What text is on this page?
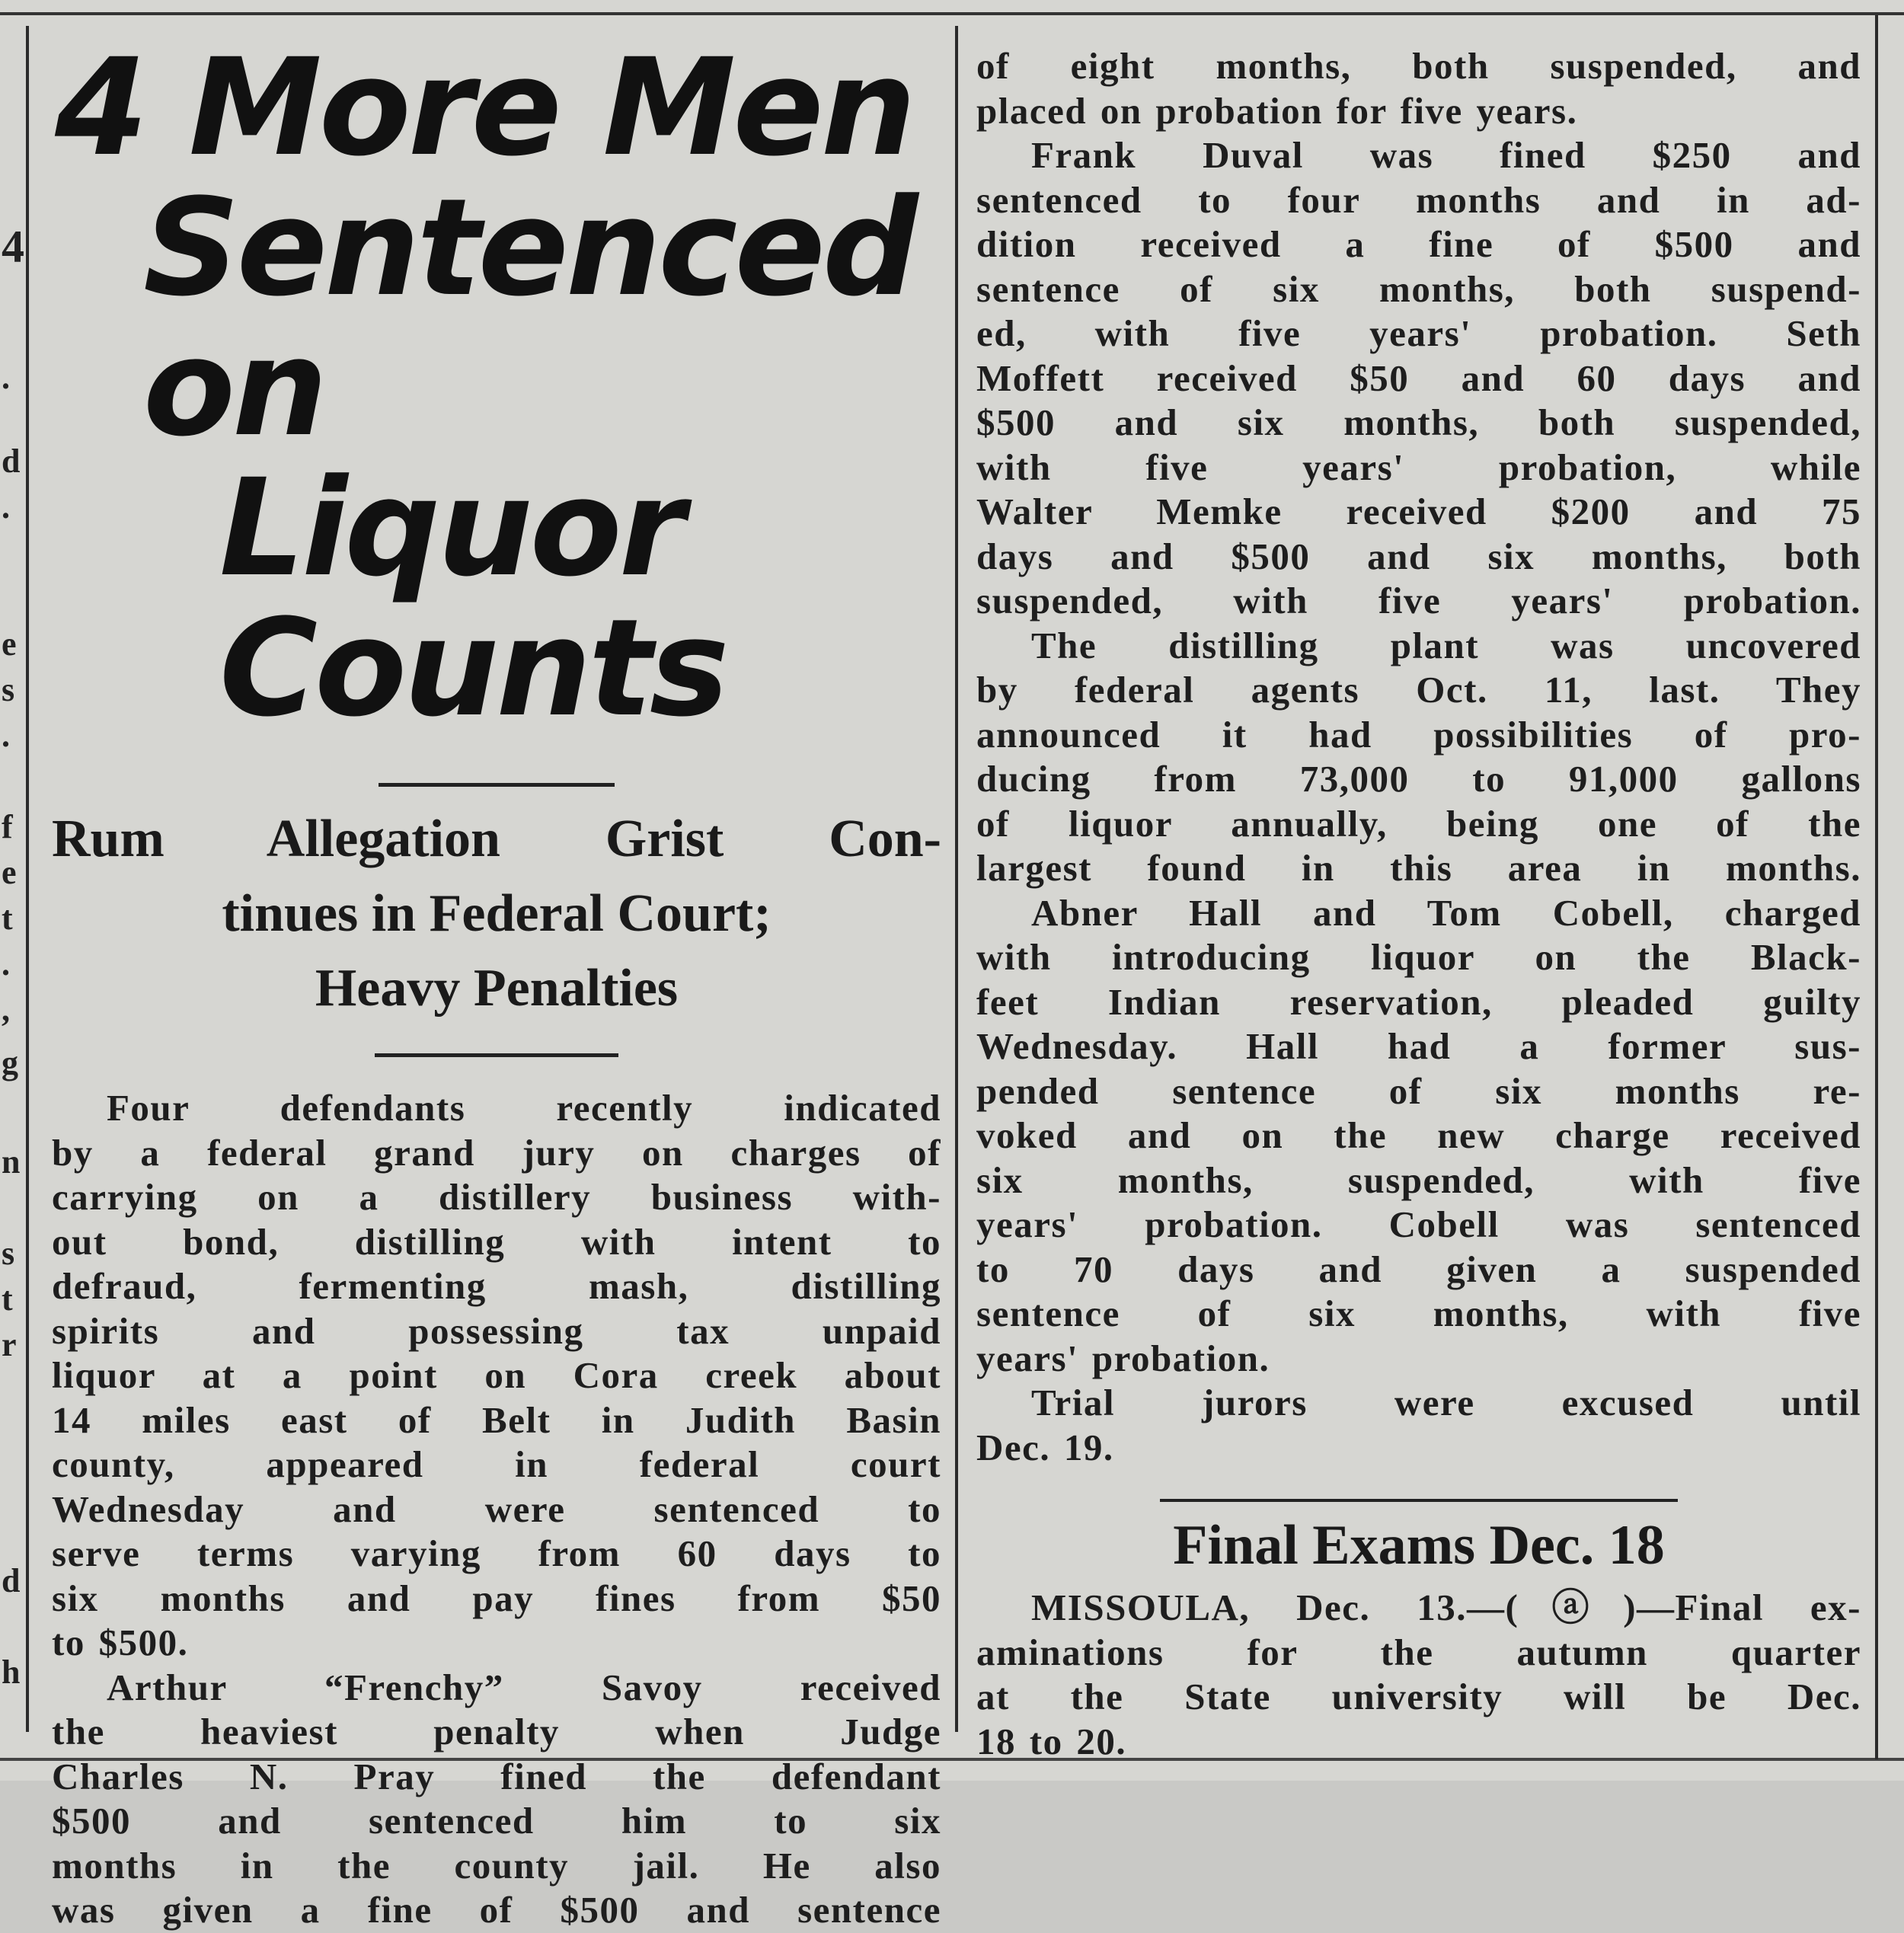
4
.
d
.
e
s
.
f
e
t
.
,
g
n
s
t
r
d
h
4 More Men
Sentenced on
Liquor Counts
Rum Allegation Grist Con-
tinues in Federal Court;
Heavy Penalties
Four defendants recently indicated
by a federal grand jury on charges of
carrying on a distillery business with-
out bond, distilling with intent to
defraud, fermenting mash, distilling
spirits and possessing tax unpaid
liquor at a point on Cora creek about
14 miles east of Belt in Judith Basin
county, appeared in federal court
Wednesday and were sentenced to
serve terms varying from 60 days to
six months and pay fines from $50
to $500.
Arthur “Frenchy” Savoy received
the heaviest penalty when Judge
Charles N. Pray fined the defendant
$500 and sentenced him to six
months in the county jail. He also
was given a fine of $500 and sentence
of eight months, both suspended, and
placed on probation for five years.
Frank Duval was fined $250 and
sentenced to four months and in ad-
dition received a fine of $500 and
sentence of six months, both suspend-
ed, with five years' probation. Seth
Moffett received $50 and 60 days and
$500 and six months, both suspended,
with five years' probation, while
Walter Memke received $200 and 75
days and $500 and six months, both
suspended, with five years' probation.
The distilling plant was uncovered
by federal agents Oct. 11, last. They
announced it had possibilities of pro-
ducing from 73,000 to 91,000 gallons
of liquor annually, being one of the
largest found in this area in months.
Abner Hall and Tom Cobell, charged
with introducing liquor on the Black-
feet Indian reservation, pleaded guilty
Wednesday. Hall had a former sus-
pended sentence of six months re-
voked and on the new charge received
six months, suspended, with five
years' probation. Cobell was sentenced
to 70 days and given a suspended
sentence of six months, with five
years' probation.
Trial jurors were excused until
Dec. 19.
Final Exams Dec. 18
MISSOULA, Dec. 13.—(ⓐ)—Final ex-
aminations for the autumn quarter
at the State university will be Dec.
18 to 20.
